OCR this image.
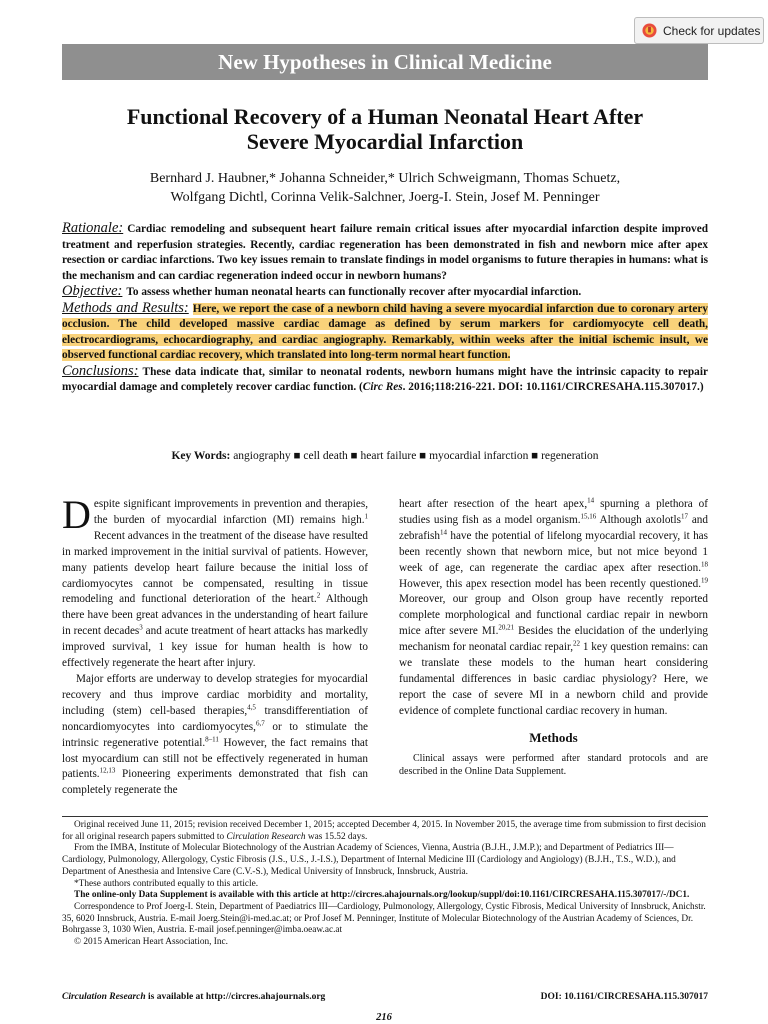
Check for updates
New Hypotheses in Clinical Medicine
Functional Recovery of a Human Neonatal Heart After
Severe Myocardial Infarction
Bernhard J. Haubner,* Johanna Schneider,* Ulrich Schweigmann, Thomas Schuetz,
Wolfgang Dichtl, Corinna Velik-Salchner, Joerg-I. Stein, Josef M. Penninger

Rationale: Cardiac remodeling and subsequent heart failure remain critical issues after myocardial infarction despite improved treatment and reperfusion strategies. Recently, cardiac regeneration has been demonstrated in fish and newborn mice after apex resection or cardiac infarctions. Two key issues remain to translate findings in model organisms to future therapies in humans: what is the mechanism and can cardiac regeneration indeed occur in newborn humans?

Objective: To assess whether human neonatal hearts can functionally recover after myocardial infarction.

Methods and Results: Here, we report the case of a newborn child having a severe myocardial infarction due to coronary artery occlusion. The child developed massive cardiac damage as defined by serum markers for cardiomyocyte cell death, electrocardiograms, echocardiography, and cardiac angiography. Remarkably, within weeks after the initial ischemic insult, we observed functional cardiac recovery, which translated into long-term normal heart function.

Conclusions: These data indicate that, similar to neonatal rodents, newborn humans might have the intrinsic capacity to repair myocardial damage and completely recover cardiac function. (Circ Res. 2016;118:216-221. DOI: 10.1161/CIRCRESAHA.115.307017.)

Key Words: angiography ■ cell death ■ heart failure ■ myocardial infarction ■ regeneration

Despite significant improvements in prevention and therapies, the burden of myocardial infarction (MI) remains high.$^1$ Recent advances in the treatment of the disease have resulted in marked improvement in the initial survival of patients. However, many patients develop heart failure because the initial loss of cardiomyocytes cannot be compensated, resulting in tissue remodeling and functional deterioration of the heart.$^2$ Although there have been great advances in the understanding of heart failure in recent decades$^3$ and acute treatment of heart attacks has markedly improved survival, 1 key issue for human health is how to effectively regenerate the heart after injury.

Major efforts are underway to develop strategies for myocardial recovery and thus improve cardiac morbidity and mortality, including (stem) cell-based therapies,$^{4,5}$ transdifferentiation of noncardiomyocytes into cardiomyocytes,$^{6,7}$ or to stimulate the intrinsic regenerative potential.$^{8-11}$ However, the fact remains that lost myocardium can still not be effectively regenerated in human patients.$^{12,13}$ Pioneering experiments demonstrated that fish can completely regenerate the

heart after resection of the heart apex,$^{14}$ spurning a plethora of studies using fish as a model organism.$^{15,16}$ Although axolotls$^{17}$ and zebrafish$^{14}$ have the potential of lifelong myocardial recovery, it has been recently shown that newborn mice, but not mice beyond 1 week of age, can regenerate the cardiac apex after resection.$^{18}$ However, this apex resection model has been recently questioned.$^{19}$ Moreover, our group and Olson group have recently reported complete morphological and functional cardiac repair in newborn mice after severe MI.$^{20,21}$ Besides the elucidation of the underlying mechanism for neonatal cardiac repair,$^{22}$ 1 key question remains: can we translate these models to the human heart considering fundamental differences in basic cardiac physiology? Here, we report the case of severe MI in a newborn child and provide evidence of complete functional cardiac recovery in human.

Methods

Clinical assays were performed after standard protocols and are described in the Online Data Supplement.

Original received June 11, 2015; revision received December 1, 2015; accepted December 4, 2015. In November 2015, the average time from submission to first decision for all original research papers submitted to Circulation Research was 15.52 days.

From the IMBA, Institute of Molecular Biotechnology of the Austrian Academy of Sciences, Vienna, Austria (B.J.H., J.M.P.); and Department of Pediatrics III—Cardiology, Pulmonology, Allergology, Cystic Fibrosis (J.S., U.S., J.-I.S.), Department of Internal Medicine III (Cardiology and Angiology) (B.J.H., T.S., W.D.), and Department of Anesthesia and Intensive Care (C.V.-S.), Medical University of Innsbruck, Innsbruck, Austria.

*These authors contributed equally to this article.

The online-only Data Supplement is available with this article at http://circres.ahajournals.org/lookup/suppl/doi:10.1161/CIRCRESAHA.115.307017/-/DC1.

Correspondence to Prof Joerg-I. Stein, Department of Paediatrics III—Cardiology, Pulmonology, Allergology, Cystic Fibrosis, Medical University of Innsbruck, Anichstr. 35, 6020 Innsbruck, Austria. E-mail Joerg.Stein@i-med.ac.at; or Prof Josef M. Penninger, Institute of Molecular Biotechnology of the Austrian Academy of Sciences, Dr. Bohrgasse 3, 1030 Wien, Austria. E-mail josef.penninger@imba.oeaw.ac.at

© 2015 American Heart Association, Inc.

Circulation Research is available at http://circres.ahajournals.org	DOI: 10.1161/CIRCRESAHA.115.307017
216
